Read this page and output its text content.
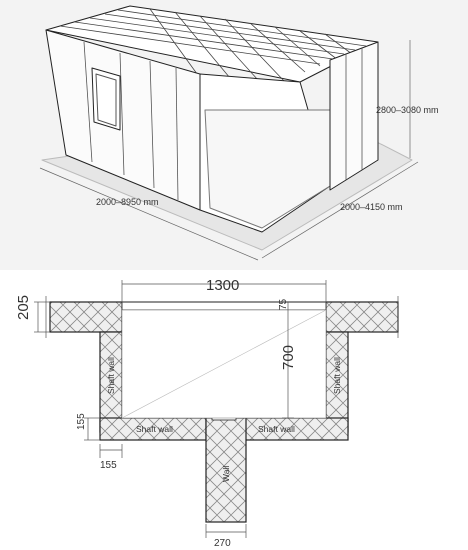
2000–8950 mm	2000–4150 mm
2800–3080 mm
1300
205	75
700
155
155
270
Shaft wall	Shaft wall
Shaft wall	Shaft wall
Wall
